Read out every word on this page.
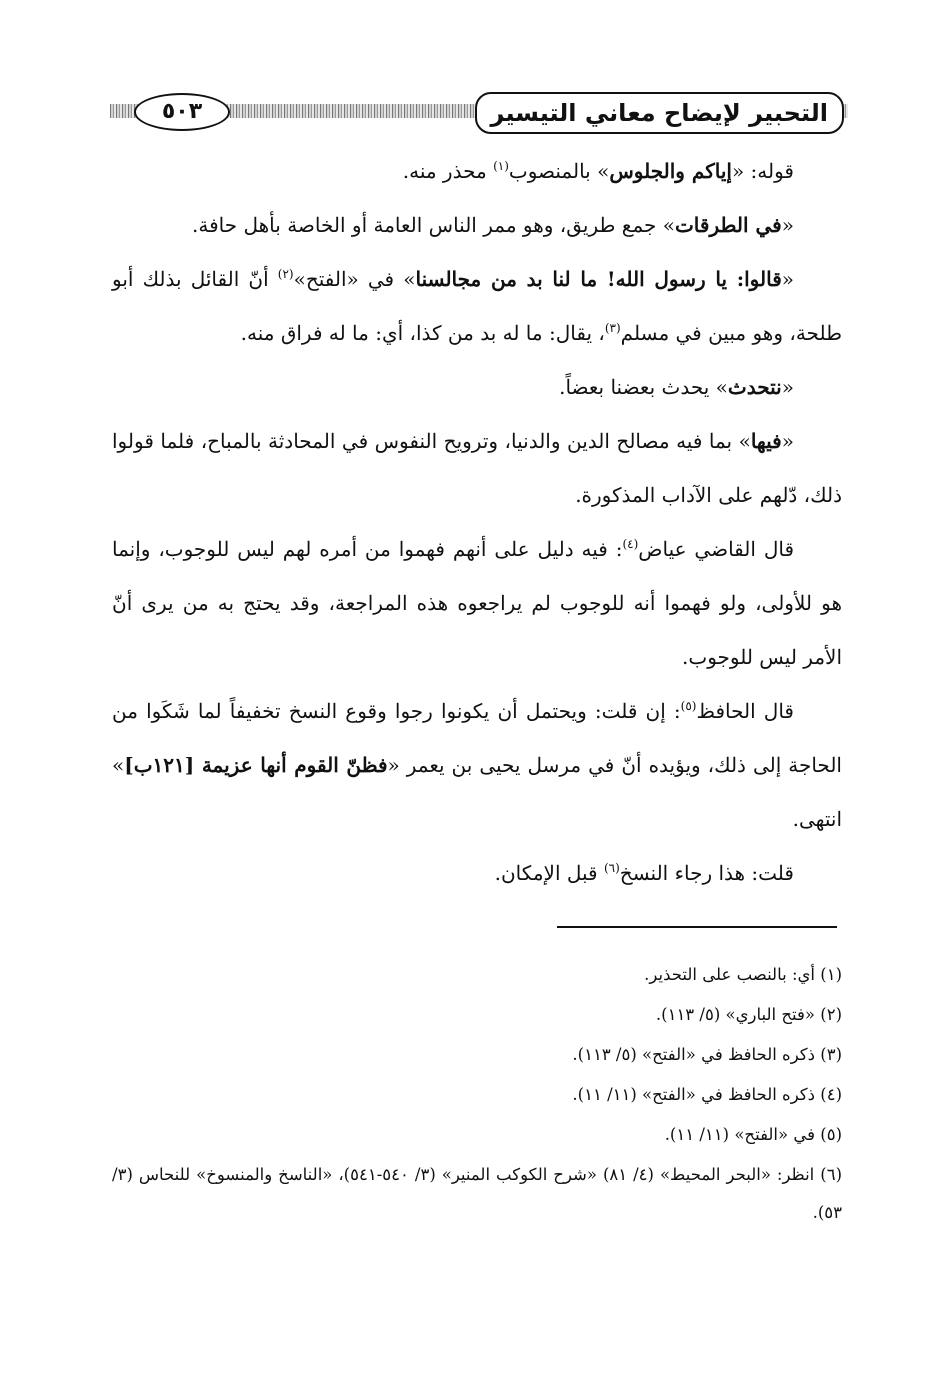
التحبير لإيضاح معاني التيسير
٥٠٣

قوله: «إياكم والجلوس» بالمنصوب$^{(١)}$ محذر منه.

«في الطرقات» جمع طريق، وهو ممر الناس العامة أو الخاصة بأهل حافة.

«قالوا: يا رسول الله! ما لنا بد من مجالسنا» في «الفتح»$^{(٢)}$ أنّ القائل بذلك أبو طلحة، وهو مبين في مسلم$^{(٣)}$، يقال: ما له بد من كذا، أي: ما له فراق منه.

«نتحدث» يحدث بعضنا بعضاً.

«فيها» بما فيه مصالح الدين والدنيا، وترويح النفوس في المحادثة بالمباح، فلما قولوا ذلك، دّلهم على الآداب المذكورة.

قال القاضي عياض$^{(٤)}$: فيه دليل على أنهم فهموا من أمره لهم ليس للوجوب، وإنما هو للأولى، ولو فهموا أنه للوجوب لم يراجعوه هذه المراجعة، وقد يحتج به من يرى أنّ الأمر ليس للوجوب.

قال الحافظ$^{(٥)}$: إن قلت: ويحتمل أن يكونوا رجوا وقوع النسخ تخفيفاً لما شَكَوا من الحاجة إلى ذلك، ويؤيده أنّ في مرسل يحيى بن يعمر «فظنّ القوم أنها عزيمة [١٢١ب]» انتهى.

قلت: هذا رجاء النسخ$^{(٦)}$ قبل الإمكان.

(١) أي: بالنصب على التحذير.

(٢) «فتح الباري» (٥/ ١١٣).

(٣) ذكره الحافظ في «الفتح» (٥/ ١١٣).

(٤) ذكره الحافظ في «الفتح» (١١/ ١١).

(٥) في «الفتح» (١١/ ١١).

(٦) انظر: «البحر المحيط» (٤/ ٨١) «شرح الكوكب المنير» (٣/ ٥٤٠-٥٤١)، «الناسخ والمنسوخ» للنحاس (٣/ ٥٣).
